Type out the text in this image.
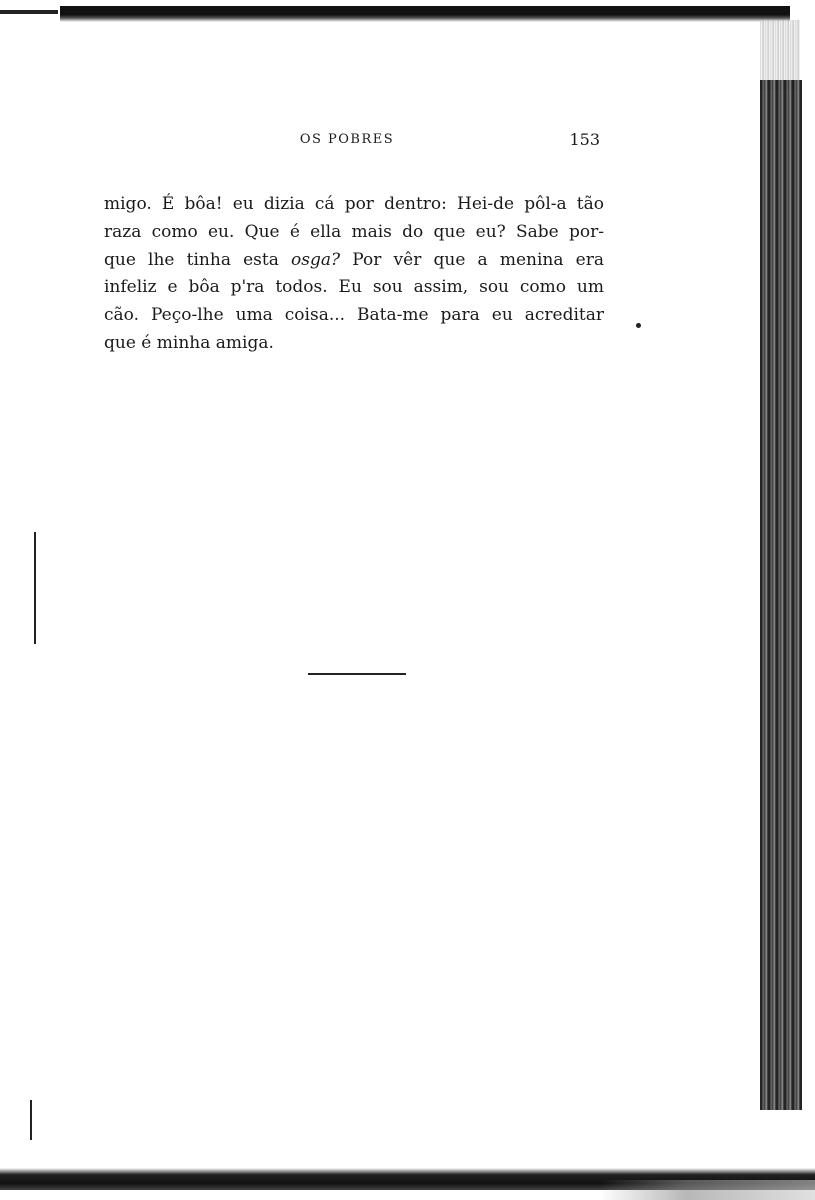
OS POBRES	153
migo. É bôa! eu dizia cá por dentro: Hei-de pôl-a tão
raza como eu. Que é ella mais do que eu? Sabe por-
que lhe tinha esta osga? Por vêr que a menina era
infeliz e bôa p'ra todos. Eu sou assim, sou como um
cão. Peço-lhe uma coisa... Bata-me para eu acreditar
que é minha amiga.
